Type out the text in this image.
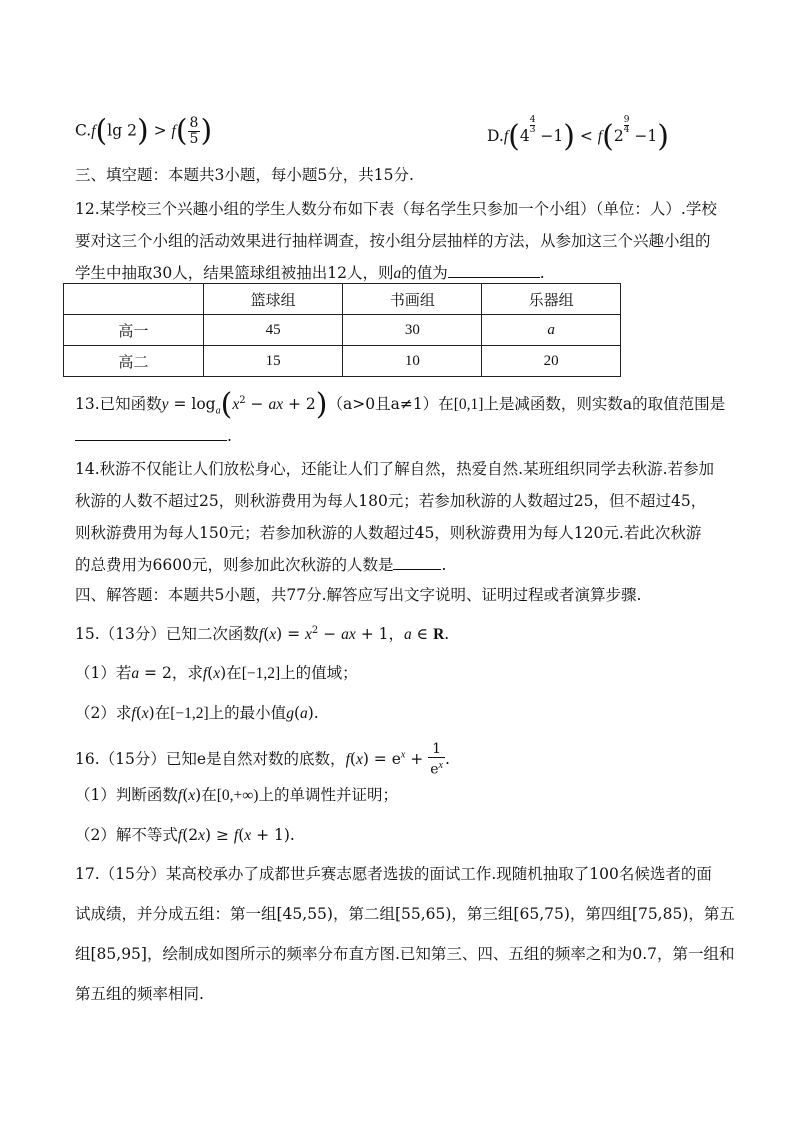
C.f(lg $2) > f( \frac{8}{5}$ )	D.f(4
$\frac{4}{3} -1) < f(2$
$\frac{9}{4} -1$)
三、填空题：本题共3小题，每小题5分，共15分.
12.某学校三个兴趣小组的学生人数分布如下表（每名学生只参加一个小组）（单位：人）.学校
要对这三个小组的活动效果进行抽样调查，按小组分层抽样的方法，从参加这三个兴趣小组的
学生中抽取30人，结果篮球组被抽出12人，则a的值为	.
	篮球组	书画组	乐器组
高一	45	30	a
高二	15	10	20
13.已知函数$y = \log_a(x^2$ − ax + 2)（a>0且a≠1）在[0,1]上是减函数，则实数a的取值范围是
.
14.秋游不仅能让人们放松身心，还能让人们了解自然，热爱自然.某班组织同学去秋游.若参加
秋游的人数不超过25，则秋游费用为每人180元；若参加秋游的人数超过25，但不超过45，
则秋游费用为每人150元；若参加秋游的人数超过45，则秋游费用为每人120元.若此次秋游
的总费用为6600元，则参加此次秋游的人数是	.
四、解答题：本题共5小题，共77分.解答应写出文字说明、证明过程或者演算步骤.
15.（13分）已知二次函数$f(x) = x^2$ − ax + 1，a ∈ R.
（1）若a = 2，求f(x)在[−1,2]上的值域；
（2）求f(x)在[−1,2]上的最小值g(a).
16.（15分）已知e是自然对数的底数，$f(x) = e^x + \frac{1}{e^x}$ .
（1）判断函数f(x)在[0,+∞)上的单调性并证明；
（2）解不等式f(2x) ≥ f(x + 1).
17.（15分）某高校承办了成都世乒赛志愿者选拔的面试工作.现随机抽取了100名候选者的面
试成绩，并分成五组：第一组[45,55)，第二组[55,65)，第三组[65,75)，第四组[75,85)，第五
组[85,95]，绘制成如图所示的频率分布直方图.已知第三、四、五组的频率之和为0.7，第一组和
第五组的频率相同.
